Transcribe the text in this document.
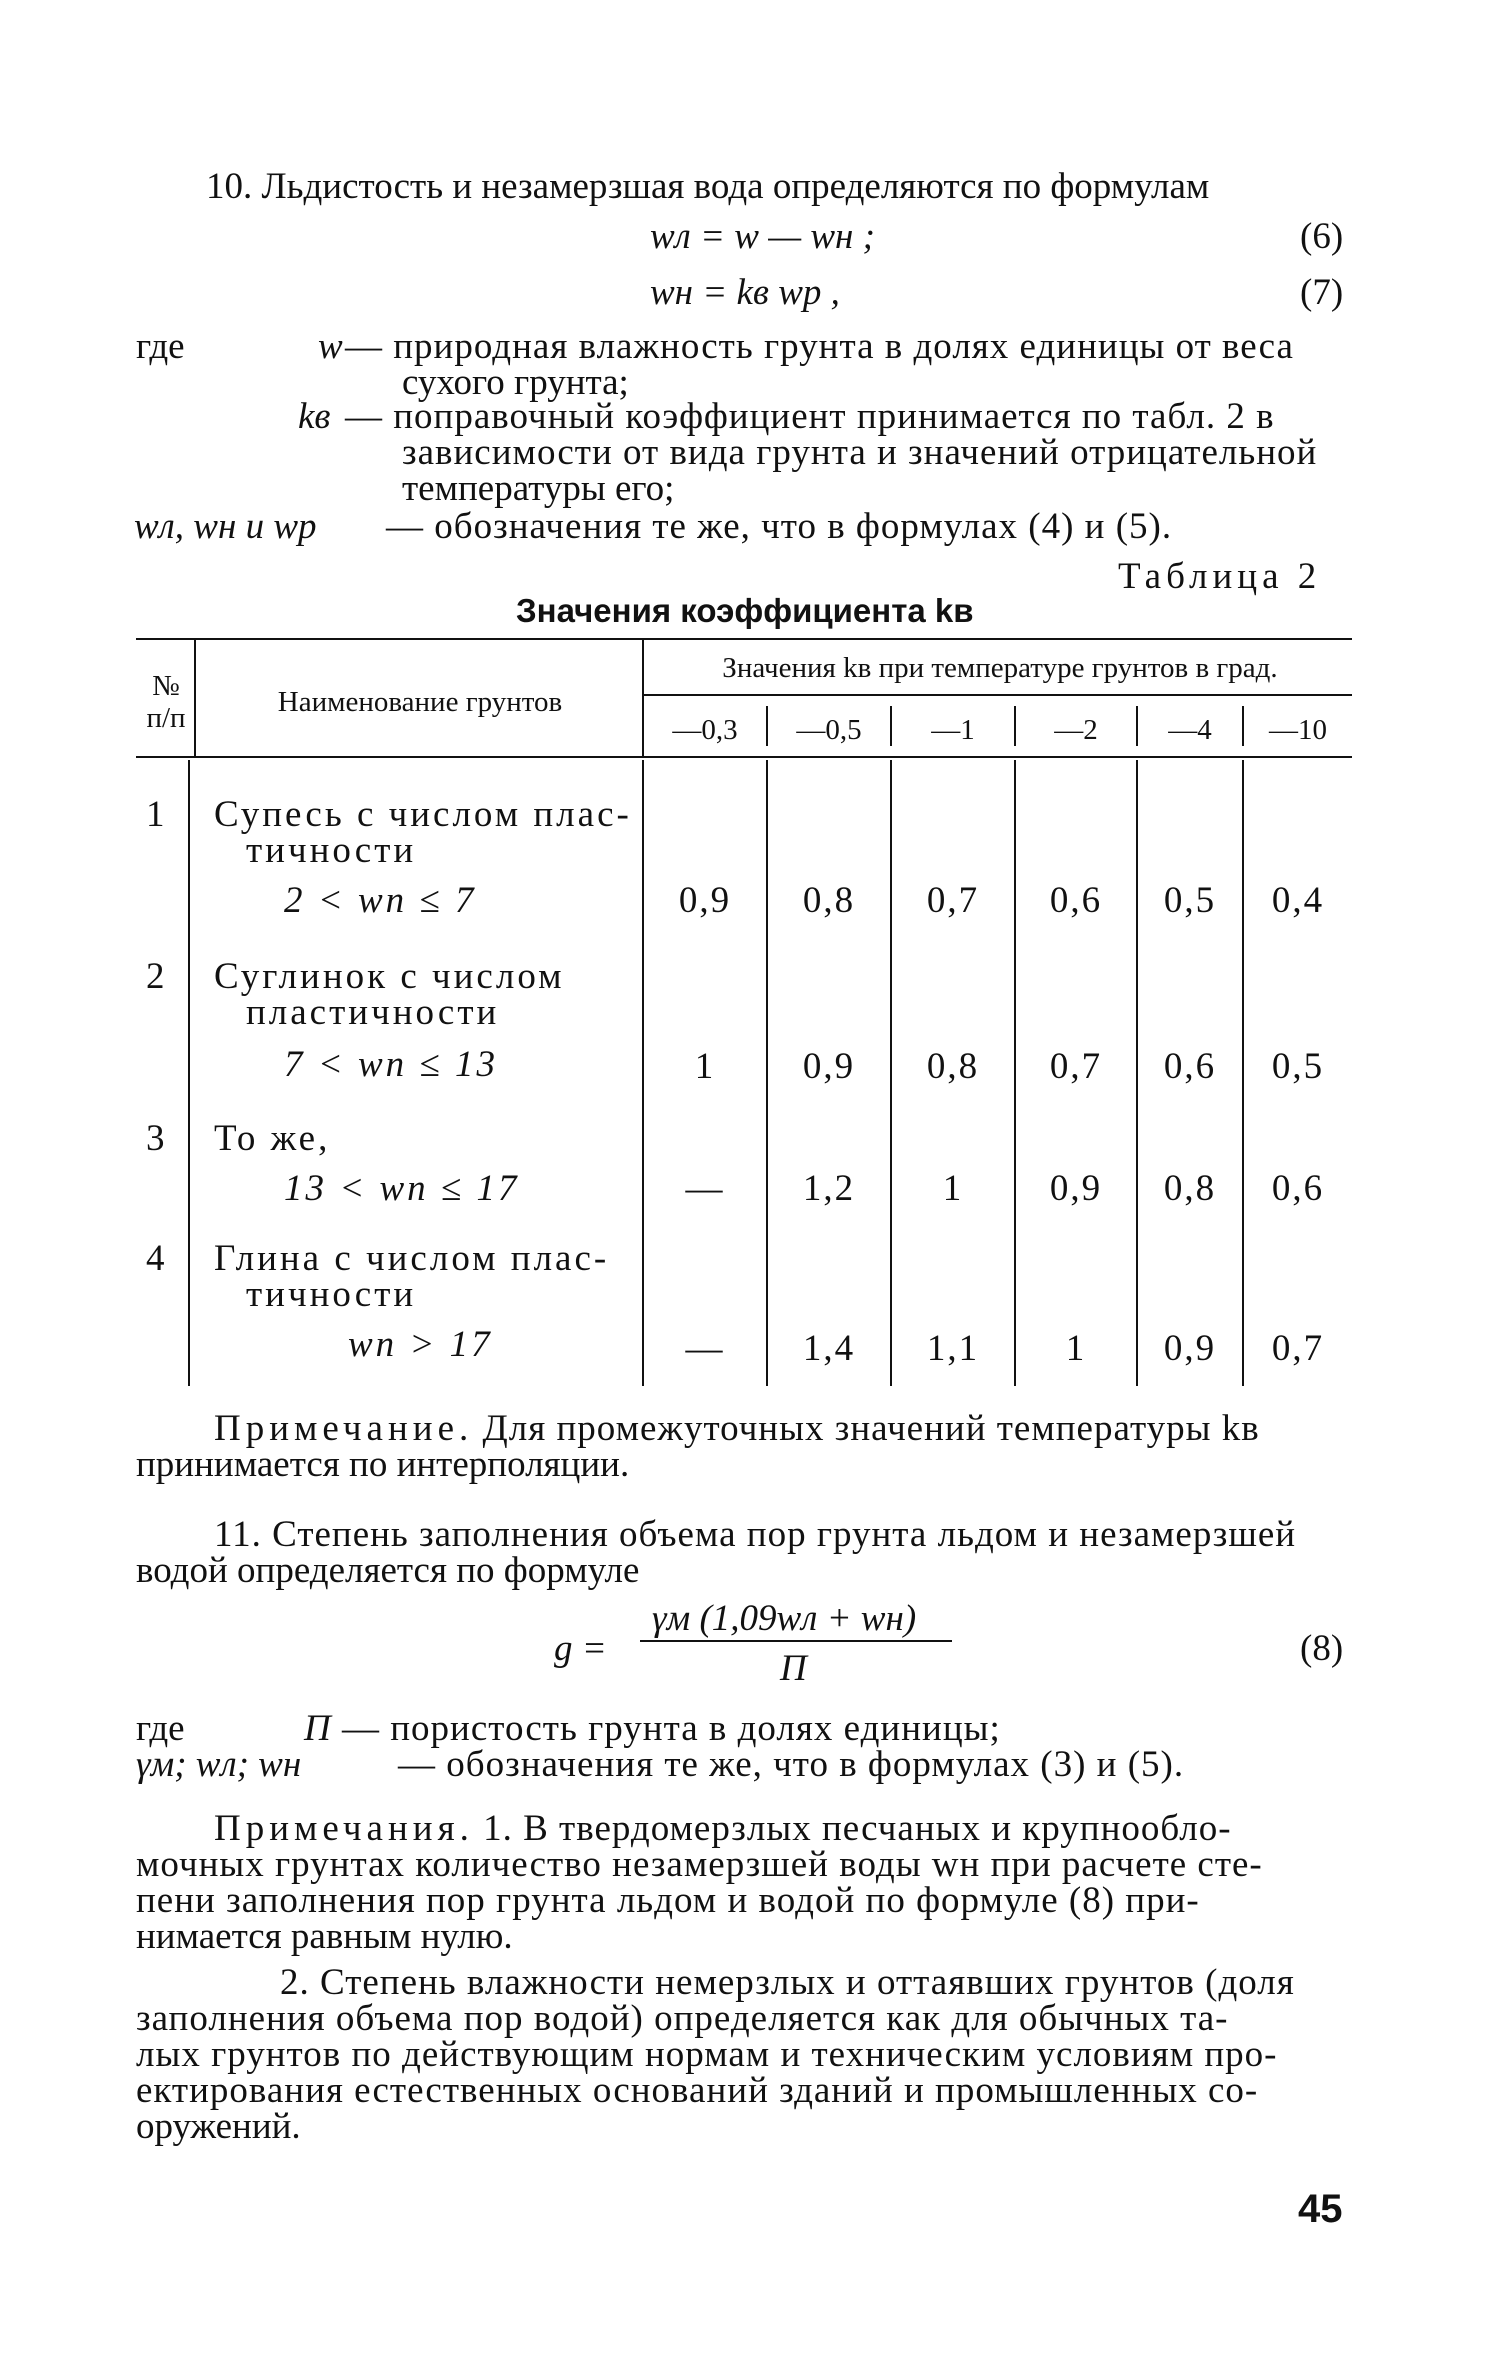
10. Льдистость и незамерзшая вода определяются по формулам
wл = w — wн ;	(6)
wн = kв wр ,	(7)
где	w — природная влажность грунта в долях единицы от веса
сухого грунта;
kв — поправочный коэффициент принимается по табл. 2 в
зависимости от вида грунта и значений отрицательной
температуры его;
wл, wн и wр — обозначения те же, что в формулах (4) и (5).
Таблица 2
Значения коэффициента kв
№
п/п	Наименование грунтов
Значения kв при температуре грунтов в град.
—0,3	—0,5	—1	—2	—4	—10
1 Супесь с числом плас-
тичности
2 < wп ≤ 7	0,9	0,8	0,7	0,6	0,5	0,4
2 Суглинок с числом
пластичности
7 < wп ≤ 13	1	0,9	0,8	0,7	0,6	0,5
3 То же,
13 < wп ≤ 17	—	1,2	1	0,9	0,8	0,6
4 Глина с числом плас-
тичности
wп > 17	—	1,4	1,1	1	0,9	0,7
Примечание. Для промежуточных значений температуры kв
принимается по интерполяции.
11. Степень заполнения объема пор грунта льдом и незамерзшей
водой определяется по формуле
g =
γм (1,09wл + wн)
П	(8)
где	П — пористость грунта в долях единицы;
γм; wл; wн	— обозначения те же, что в формулах (3) и (5).
Примечания. 1. В твердомерзлых песчаных и крупнообло-
мочных грунтах количество незамерзшей воды wн при расчете сте-
пени заполнения пор грунта льдом и водой по формуле (8) при-
нимается равным нулю.
2. Степень влажности немерзлых и оттаявших грунтов (доля
заполнения объема пор водой) определяется как для обычных та-
лых грунтов по действующим нормам и техническим условиям про-
ектирования естественных оснований зданий и промышленных со-
оружений.
45
